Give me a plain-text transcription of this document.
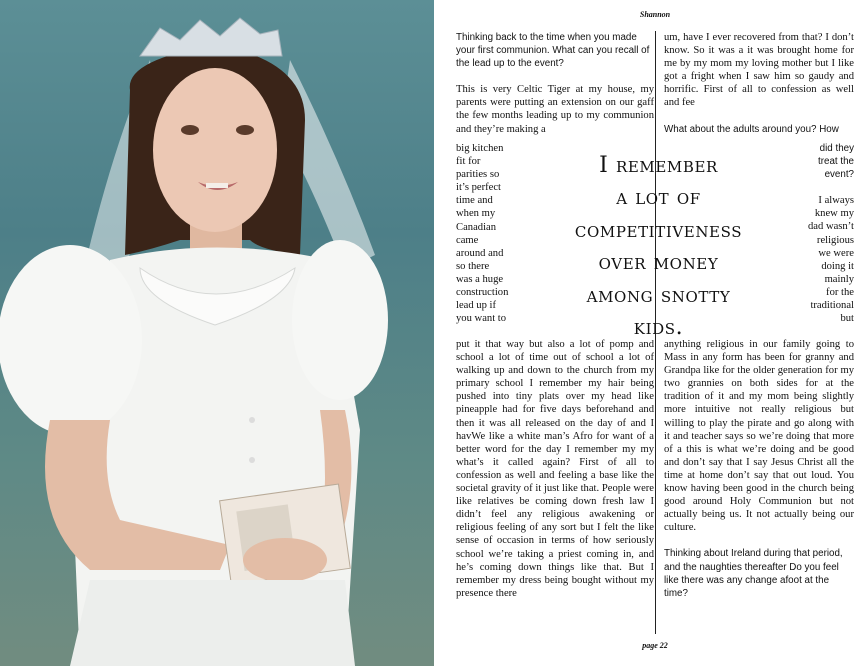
Shannon

Thinking back to the time when you made your first communion. What can you recall of the lead up to the event?

This is very Celtic Tiger at my house, my parents were putting an extension on our gaff the few months leading up to my communion and they’re making a

big kitchen

fit for

parities so

it’s perfect

time and

when my

Canadian

came

around and

so there

was a huge

construction

lead up if

you want to

put it that way but also a lot of pomp and school a lot of time out of school a lot of walking up and down to the church from my primary school I remember my hair being pushed into tiny plats over my head like pineapple had for five days beforehand and then it was all released on the day of and I havWe like a white man’s Afro for want of a better word for the day I remember my my what’s it called again? First of all to confession as well and feeling a base like the societal gravity of it just like that. People were like relatives be coming down fresh law I didn’t feel any religious awakening or religious feeling of any sort but I felt the like sense of occasion in terms of how seriously school we’re taking a priest coming in, and he’s coming down things like that. But I remember my dress being bought without my presence there

um, have I ever recovered from that? I don’t know. So it was a it was brought home for me by my mom my loving mother but I like got a fright when I saw him so gaudy and horrific. First of all to confession as well and fee

What about the adults around you? How

did they

treat the

event?

I always

knew my

dad wasn’t

religious

we were

doing it

mainly

for the

traditional

but

anything religious in our family going to Mass in any form has been for granny and Grandpa like for the older generation for my two grannies on both sides for at the tradition of it and my mom being slightly more intuitive not really religious but willing to play the pirate and go along with it and teacher says so we’re doing that more of a this is what we’re doing and be good and don’t say that I say Jesus Christ all the time at home don’t say that out loud. You know having been good in the church being good around Holy Communion but not actually being us. It not actually being our culture.

Thinking about Ireland during that period, and the naughties thereafter Do you feel like there was any change afoot at the time?

I remember
a lot of
competitiveness
over money
among snotty
kids.
page 22
